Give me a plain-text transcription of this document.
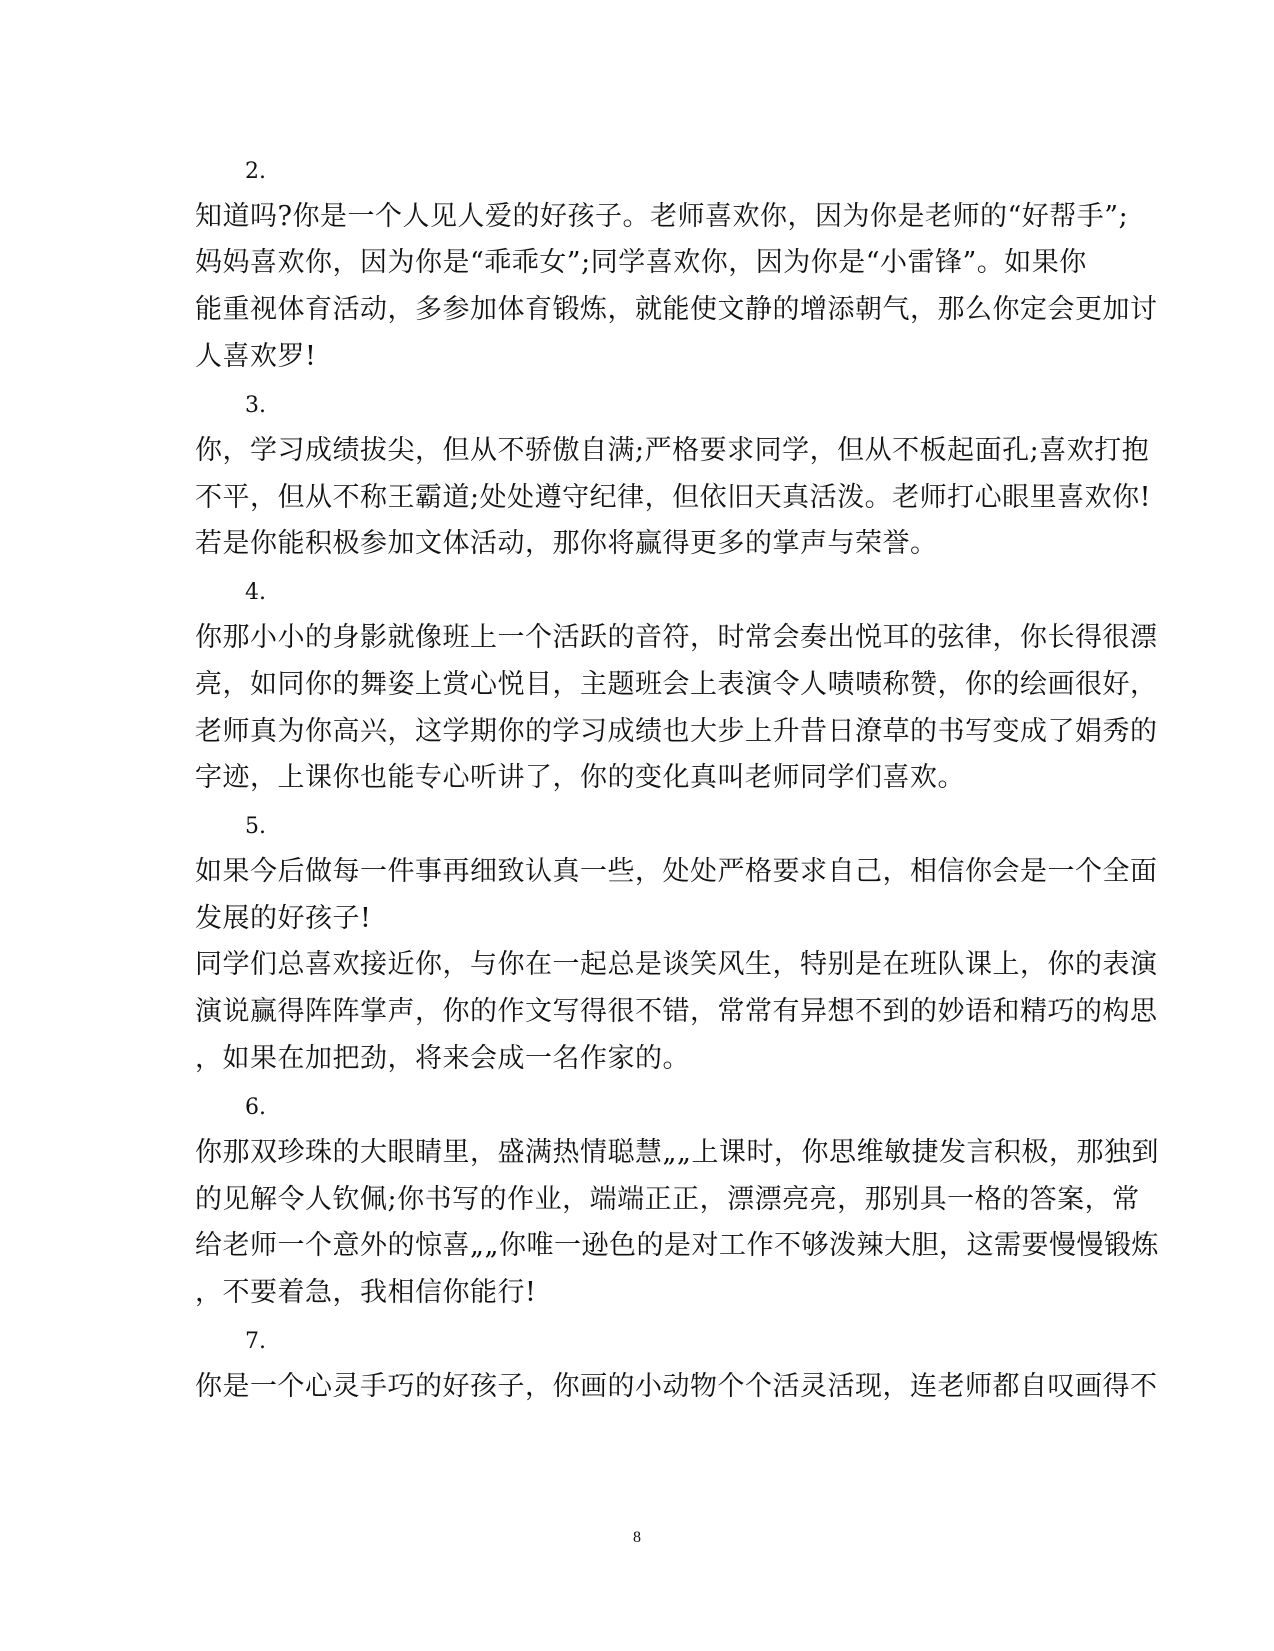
2.
知道吗?你是一个人见人爱的好孩子。老师喜欢你，因为你是老师的“好帮手”;
妈妈喜欢你，因为你是“乖乖女”;同学喜欢你，因为你是“小雷锋”。如果你
能重视体育活动，多参加体育锻炼，就能使文静的增添朝气，那么你定会更加讨
人喜欢罗!
3.
你，学习成绩拔尖，但从不骄傲自满;严格要求同学，但从不板起面孔;喜欢打抱
不平，但从不称王霸道;处处遵守纪律，但依旧天真活泼。老师打心眼里喜欢你!
若是你能积极参加文体活动，那你将赢得更多的掌声与荣誉。
4.
你那小小的身影就像班上一个活跃的音符，时常会奏出悦耳的弦律，你长得很漂
亮，如同你的舞姿上赏心悦目，主题班会上表演令人啧啧称赞，你的绘画很好，
老师真为你高兴，这学期你的学习成绩也大步上升昔日潦草的书写变成了娟秀的
字迹，上课你也能专心听讲了，你的变化真叫老师同学们喜欢。
5.
如果今后做每一件事再细致认真一些，处处严格要求自己，相信你会是一个全面
发展的好孩子!
同学们总喜欢接近你，与你在一起总是谈笑风生，特别是在班队课上，你的表演
演说赢得阵阵掌声，你的作文写得很不错，常常有异想不到的妙语和精巧的构思
，如果在加把劲，将来会成一名作家的。
6.
你那双珍珠的大眼睛里，盛满热情聪慧„„上课时，你思维敏捷发言积极，那独到
的见解令人钦佩;你书写的作业，端端正正，漂漂亮亮，那别具一格的答案，常
给老师一个意外的惊喜„„你唯一逊色的是对工作不够泼辣大胆，这需要慢慢锻炼
，不要着急，我相信你能行!
7.
你是一个心灵手巧的好孩子，你画的小动物个个活灵活现，连老师都自叹画得不
8
